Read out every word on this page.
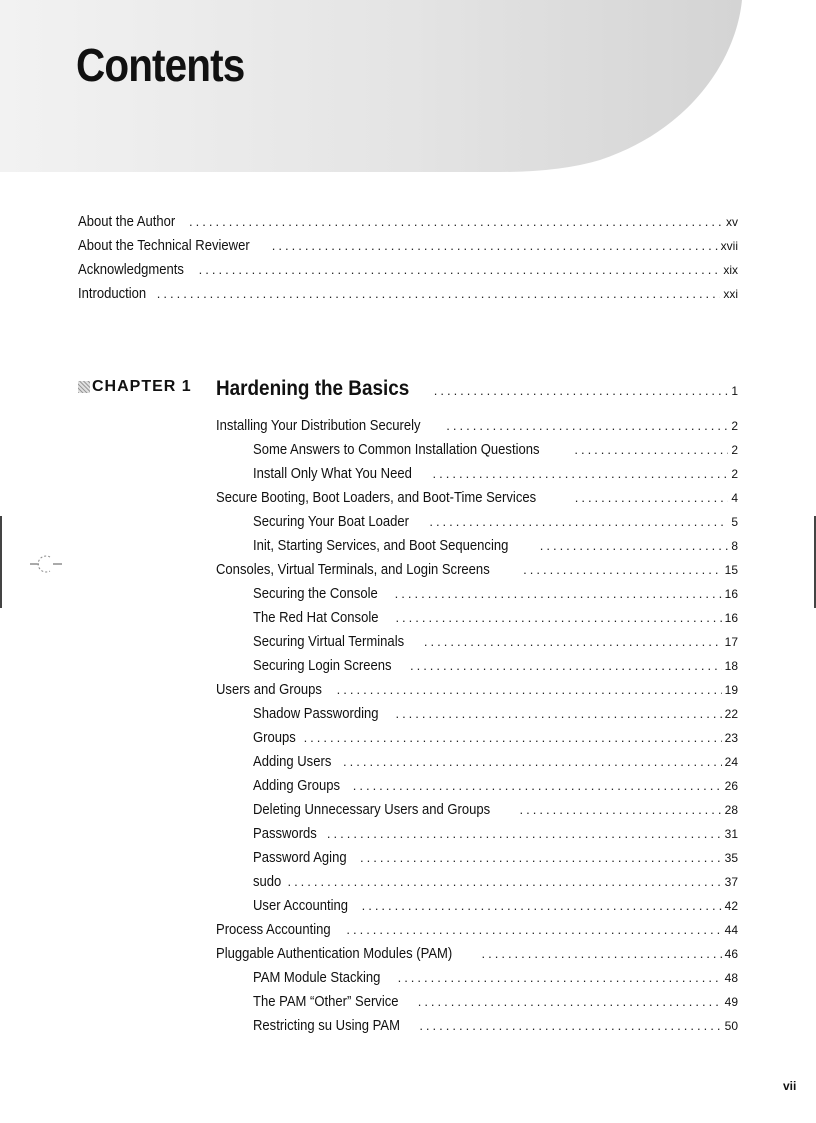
Contents
About the Author .....	xv
About the Technical Reviewer .....	xvii
Acknowledgments .....	xix
Introduction .....	xxi
CHAPTER 1 Hardening the Basics .....	1
Installing Your Distribution Securely .....	2
Some Answers to Common Installation Questions .....	2
Install Only What You Need .....	2
Secure Booting, Boot Loaders, and Boot-Time Services .....	4
Securing Your Boat Loader .....	5
Init, Starting Services, and Boot Sequencing .....	8
Consoles, Virtual Terminals, and Login Screens .....	15
Securing the Console .....	16
The Red Hat Console .....	16
Securing Virtual Terminals .....	17
Securing Login Screens .....	18
Users and Groups .....	19
Shadow Passwording .....	22
Groups .....	23
Adding Users .....	24
Adding Groups .....	26
Deleting Unnecessary Users and Groups .....	28
Passwords .....	31
Password Aging .....	35
sudo .....	37
User Accounting .....	42
Process Accounting .....	44
Pluggable Authentication Modules (PAM) .....	46
PAM Module Stacking .....	48
The PAM “Other” Service .....	49
Restricting su Using PAM .....	50
vii
